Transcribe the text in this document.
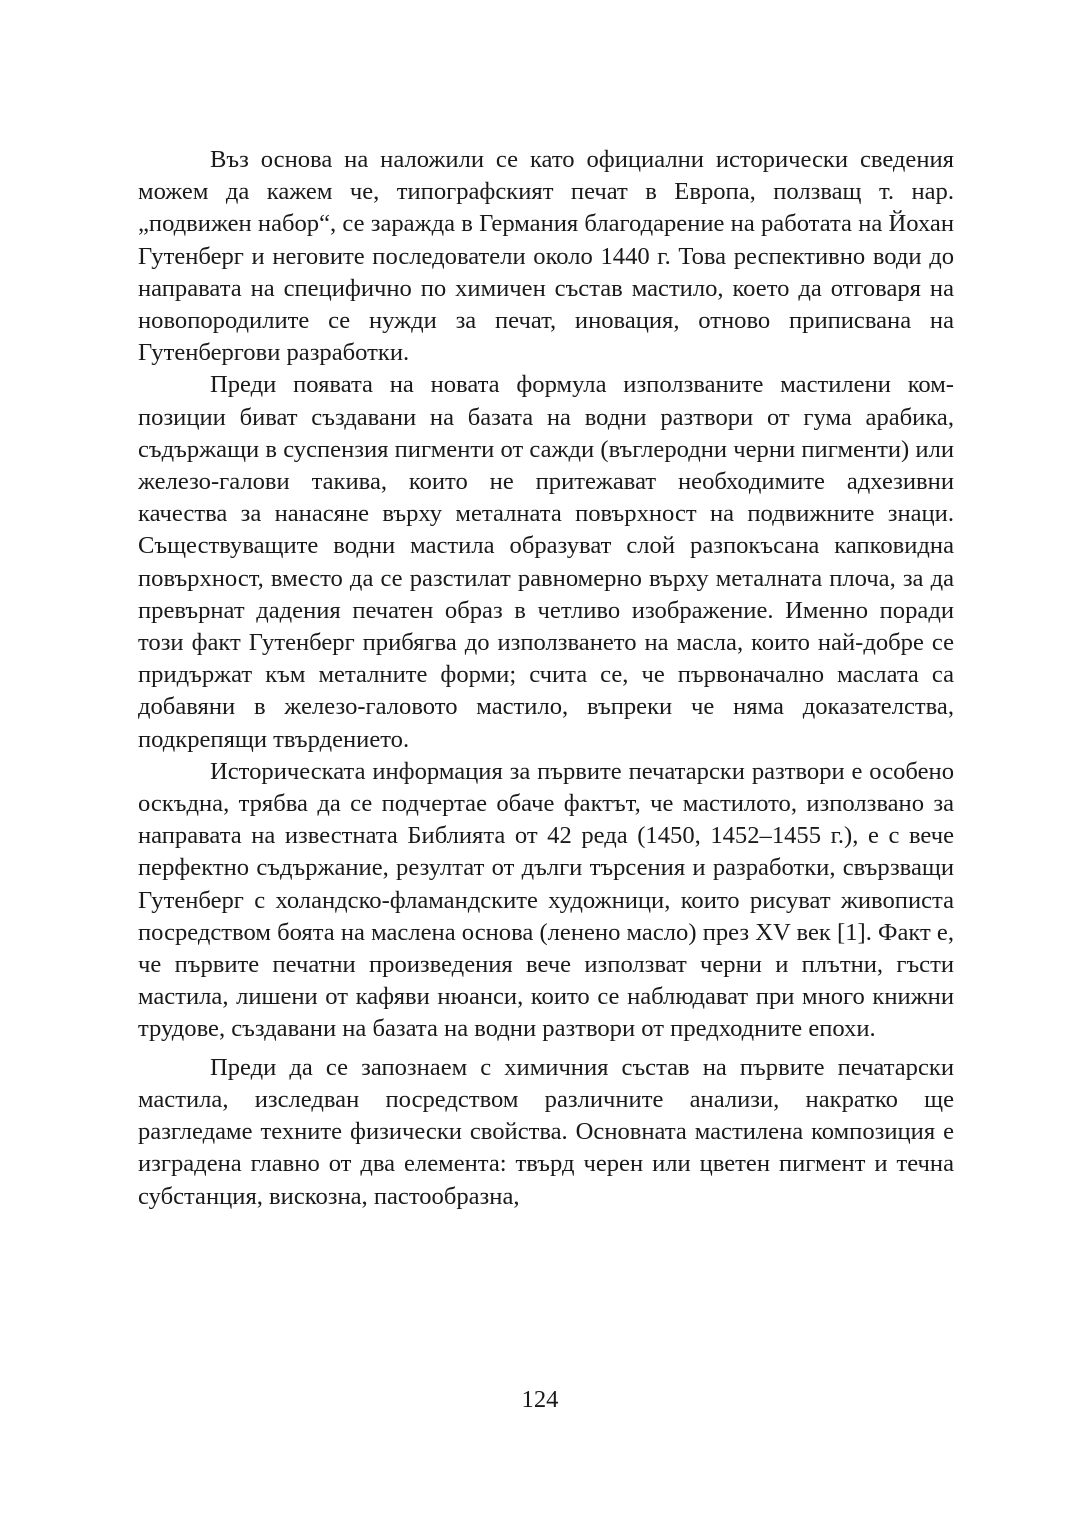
Въз основа на наложили се като официални исторически сведения можем да кажем че, типографският печат в Европа, ползващ т. нар. „подвижен набор“, се заражда в Германия благодарение на работата на Йохан Гутенберг и неговите последователи около 1440 г. Това респективно води до направата на специфично по химичен състав мастило, което да отговаря на новопородилите се нужди за печат, иновация, отново приписвана на Гутенбергови разработки.

Преди появата на новата формула използваните мастилени композиции биват създавани на базата на водни разтвори от гума арабика, съдържащи в суспензия пигменти от сажди (въглеродни черни пигменти) или железо-галови такива, които не притежават необходимите адхезивни качества за нанасяне върху металната повърхност на подвижните знаци. Съществуващите водни мастила образуват слой разпокъсана капковидна повърхност, вместо да се разстилат равномерно върху металната плоча, за да превърнат дадения печатен образ в четливо изображение. Именно поради този факт Гутенберг прибягва до използването на масла, които най-добре се придържат към металните форми; счита се, че първоначално маслата са добавяни в железо-галовото мастило, въпреки че няма доказателства, подкрепящи твърдението.

Историческата информация за първите печатарски разтвори е особено оскъдна, трябва да се подчертае обаче фактът, че мастилото, използвано за направата на известната Библията от 42 реда (1450, 1452–1455 г.), е с вече перфектно съдържание, резултат от дълги търсения и разработки, свързващи Гутенберг с холандско-фламандските художници, които рисуват живописта посредством боята на маслена основа (ленено масло) през XV век [1]. Факт е, че първите печатни произведения вече използват черни и плътни, гъсти мастила, лишени от кафяви нюанси, които се наблюдават при много книжни трудове, създавани на базата на водни разтвори от предходните епохи.

Преди да се запознаем с химичния състав на първите печатарски мастила, изследван посредством различните анализи, накратко ще разгледаме техните физически свойства. Основната мастилена композиция е изградена главно от два елемента: твърд черен или цветен пигмент и течна субстанция, вискозна, пастообразна,

124
